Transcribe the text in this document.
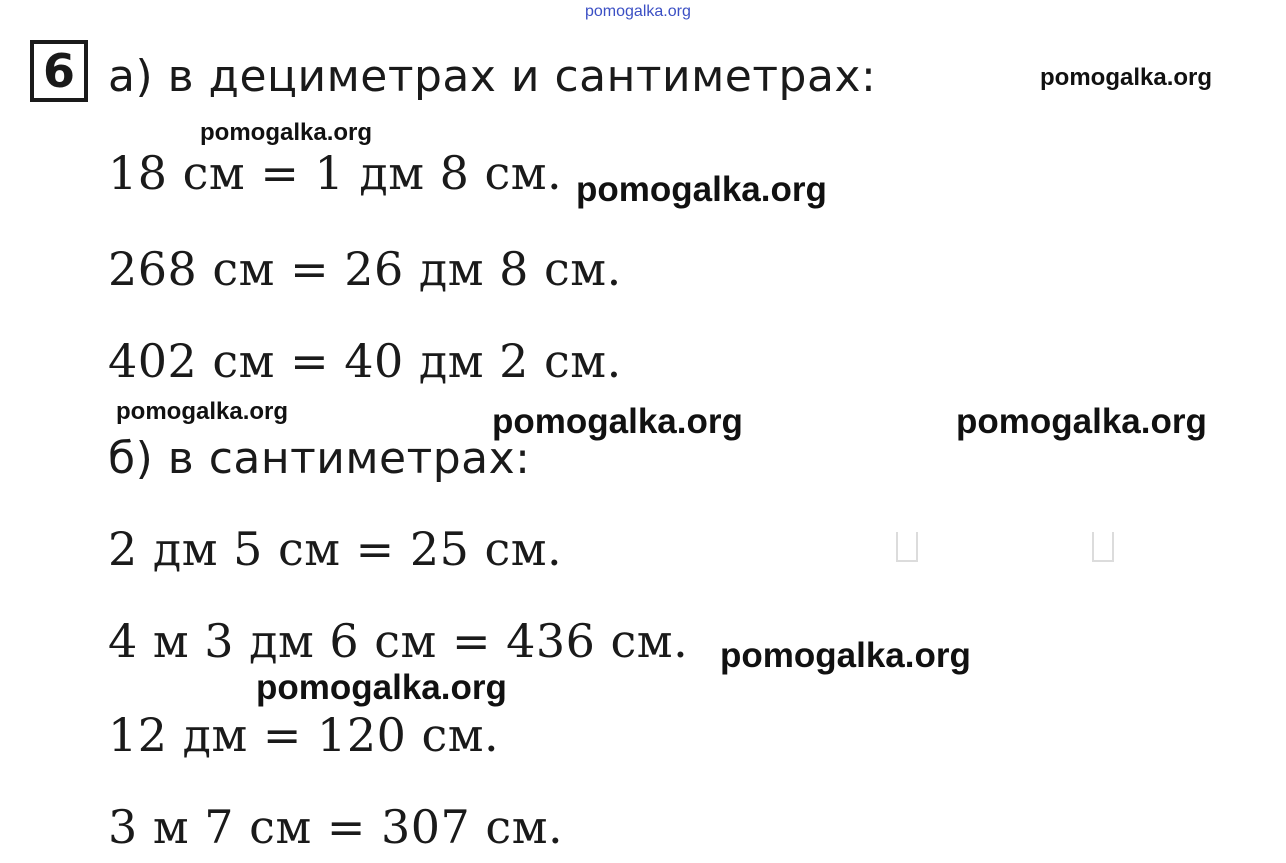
pomogalka.org
6 а) в дециметрах и сантиметрах:	pomogalka.org
pomogalka.org
18 см = 1 дм 8 см. pomogalka.org
268 см = 26 дм 8 см.
402 см = 40 дм 2 см.
pomogalka.org	pomogalka.org	pomogalka.org
б) в сантиметрах:
2 дм 5 см = 25 см.
4 м 3 дм 6 см = 436 см. pomogalka.org
pomogalka.org
12 дм = 120 см.
3 м 7 см = 307 см.
